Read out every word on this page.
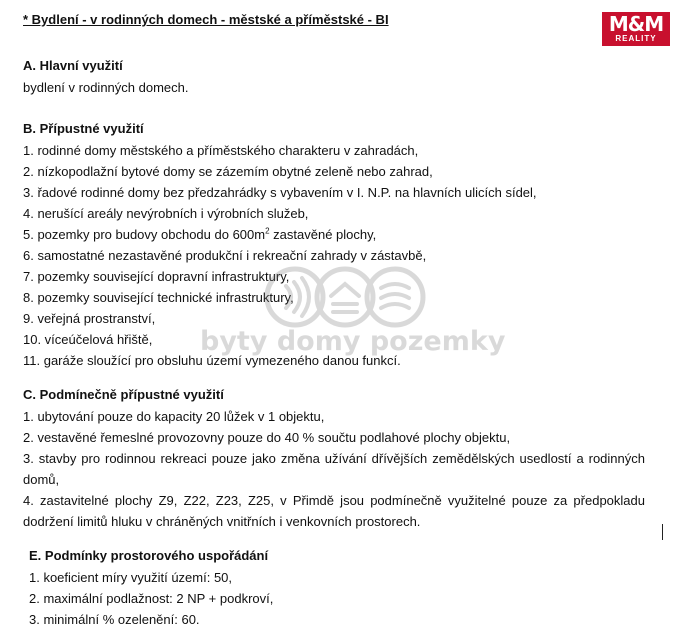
* Bydlení - v rodinných domech - městské a příměstské - BI	M&M
REALITY
A. Hlavní využití

bydlení v rodinných domech.

B. Přípustné využití

1. rodinné domy městského a příměstského charakteru v zahradách,

2. nízkopodlažní bytové domy se zázemím obytné zeleně nebo zahrad,

3. řadové rodinné domy bez předzahrádky s vybavením v I. N.P. na hlavních ulicích sídel,

4. nerušící areály nevýrobních i výrobních služeb,

5. pozemky pro budovy obchodu do $600m^2$ zastavěné plochy,

6. samostatné nezastavěné produkční i rekreační zahrady v zástavbě,

7. pozemky související dopravní infrastruktury,

8. pozemky související technické infrastruktury,

9. veřejná prostranství,

10. víceúčelová hřiště,

11. garáže sloužící pro obsluhu území vymezeného danou funkcí.

C. Podmínečně přípustné využití

1. ubytování pouze do kapacity 20 lůžek v 1 objektu,

2. vestavěné řemeslné provozovny pouze do 40 % součtu podlahové plochy objektu,

3. stavby pro rodinnou rekreaci pouze jako změna užívání dřívějších zemědělských usedlostí a rodinných domů,

4. zastavitelné plochy Z9, Z22, Z23, Z25, v Přimdě jsou podmínečně využitelné pouze za předpokladu dodržení limitů hluku v chráněných vnitřních i venkovních prostorech.

E. Podmínky prostorového uspořádání

1. koeficient míry využití území: 50,

2. maximální podlažnost: 2 NP + podkroví,

3. minimální % ozelenění: 60.

byty domy pozemky
